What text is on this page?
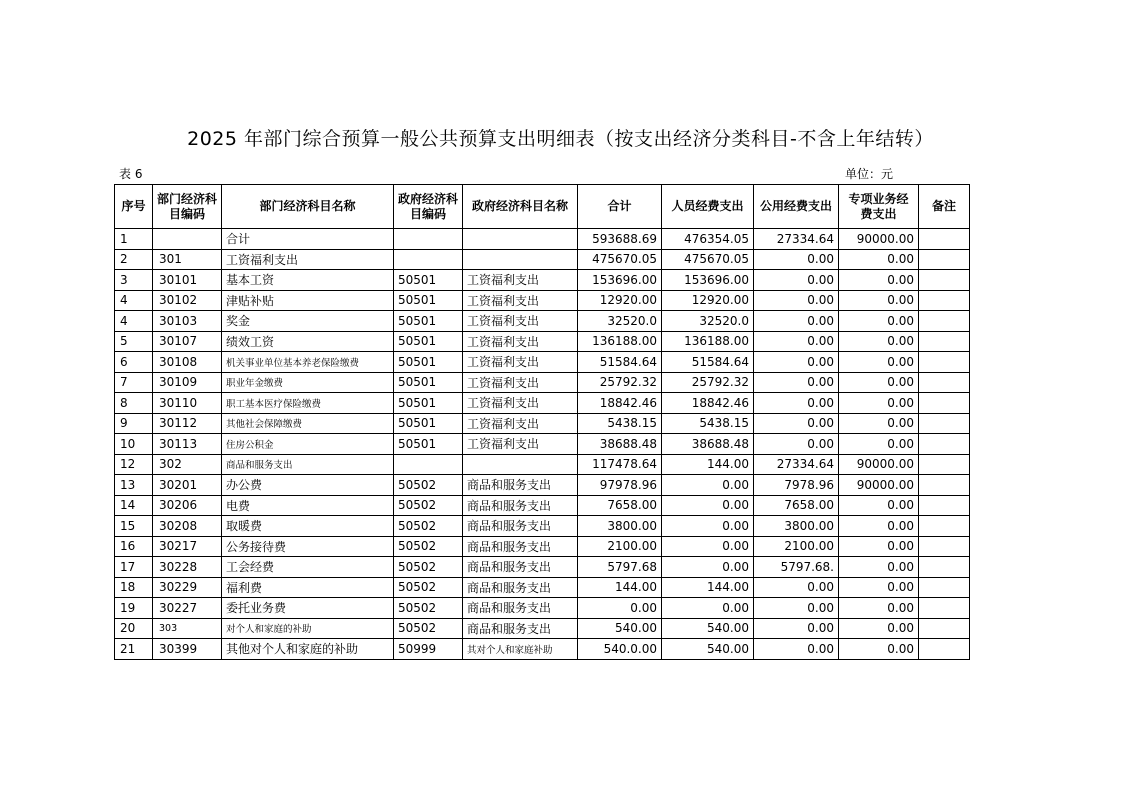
2025 年部门综合预算一般公共预算支出明细表（按支出经济分类科目-不含上年结转）
表 6	单位：元
序号	部门经济科目编码	部门经济科目名称	政府经济科目编码	政府经济科目名称	合计	人员经费支出	公用经费支出	专项业务经费支出	备注
1		合计			593688.69	476354.05	27334.64	90000.00	
2	301	工资福利支出			475670.05	475670.05	0.00	0.00	
3	30101	基本工资	50501	工资福利支出	153696.00	153696.00	0.00	0.00	
4	30102	津贴补贴	50501	工资福利支出	12920.00	12920.00	0.00	0.00	
4	30103	奖金	50501	工资福利支出	32520.0	32520.0	0.00	0.00	
5	30107	绩效工资	50501	工资福利支出	136188.00	136188.00	0.00	0.00	
6	30108	机关事业单位基本养老保险缴费	50501	工资福利支出	51584.64	51584.64	0.00	0.00	
7	30109	职业年金缴费	50501	工资福利支出	25792.32	25792.32	0.00	0.00	
8	30110	职工基本医疗保险缴费	50501	工资福利支出	18842.46	18842.46	0.00	0.00	
9	30112	其他社会保障缴费	50501	工资福利支出	5438.15	5438.15	0.00	0.00	
10	30113	住房公积金	50501	工资福利支出	38688.48	38688.48	0.00	0.00	
12	302	商品和服务支出			117478.64	144.00	27334.64	90000.00	
13	30201	办公费	50502	商品和服务支出	97978.96	0.00	7978.96	90000.00	
14	30206	电费	50502	商品和服务支出	7658.00	0.00	7658.00	0.00	
15	30208	取暖费	50502	商品和服务支出	3800.00	0.00	3800.00	0.00	
16	30217	公务接待费	50502	商品和服务支出	2100.00	0.00	2100.00	0.00	
17	30228	工会经费	50502	商品和服务支出	5797.68	0.00	5797.68.	0.00	
18	30229	福利费	50502	商品和服务支出	144.00	144.00	0.00	0.00	
19	30227	委托业务费	50502	商品和服务支出	0.00	0.00	0.00	0.00	
20	303	对个人和家庭的补助	50502	商品和服务支出	540.00	540.00	0.00	0.00	
21	30399	其他对个人和家庭的补助	50999	其对个人和家庭补助	540.0.00	540.00	0.00	0.00	
